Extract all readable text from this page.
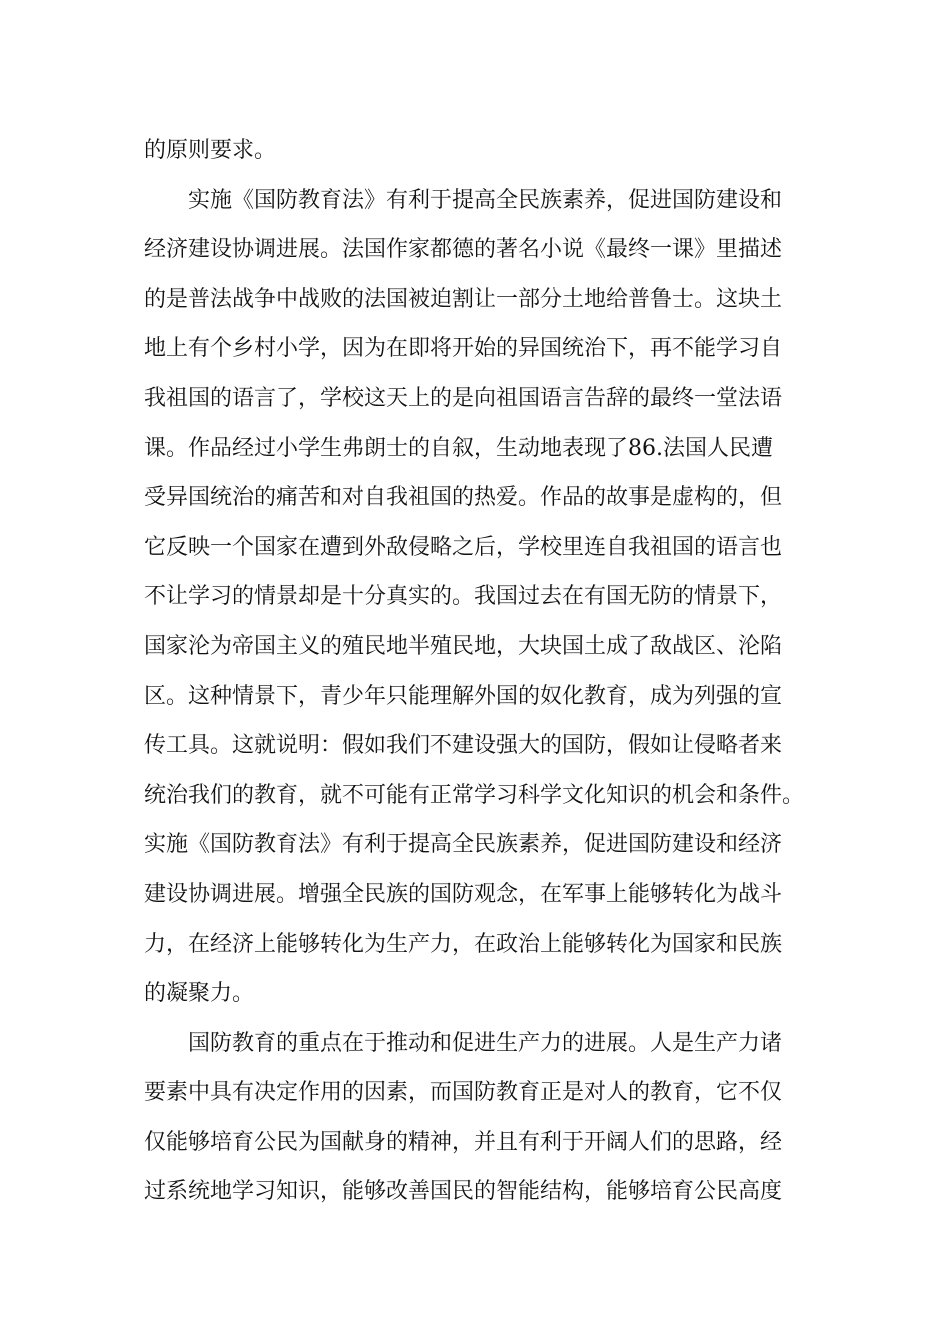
的原则要求。
实施《国防教育法》有利于提高全民族素养，促进国防建设和
经济建设协调进展。法国作家都德的著名小说《最终一课》里描述
的是普法战争中战败的法国被迫割让一部分土地给普鲁士。这块土
地上有个乡村小学，因为在即将开始的异国统治下，再不能学习自
我祖国的语言了，学校这天上的是向祖国语言告辞的最终一堂法语
课。作品经过小学生弗朗士的自叙，生动地表现了86.法国人民遭
受异国统治的痛苦和对自我祖国的热爱。作品的故事是虚构的，但
它反映一个国家在遭到外敌侵略之后，学校里连自我祖国的语言也
不让学习的情景却是十分真实的。我国过去在有国无防的情景下，
国家沦为帝国主义的殖民地半殖民地，大块国土成了敌战区、沦陷
区。这种情景下，青少年只能理解外国的奴化教育，成为列强的宣
传工具。这就说明：假如我们不建设强大的国防，假如让侵略者来
统治我们的教育，就不可能有正常学习科学文化知识的机会和条件。
实施《国防教育法》有利于提高全民族素养，促进国防建设和经济
建设协调进展。增强全民族的国防观念，在军事上能够转化为战斗
力，在经济上能够转化为生产力，在政治上能够转化为国家和民族
的凝聚力。
国防教育的重点在于推动和促进生产力的进展。人是生产力诸
要素中具有决定作用的因素，而国防教育正是对人的教育，它不仅
仅能够培育公民为国献身的精神，并且有利于开阔人们的思路，经
过系统地学习知识，能够改善国民的智能结构，能够培育公民高度
